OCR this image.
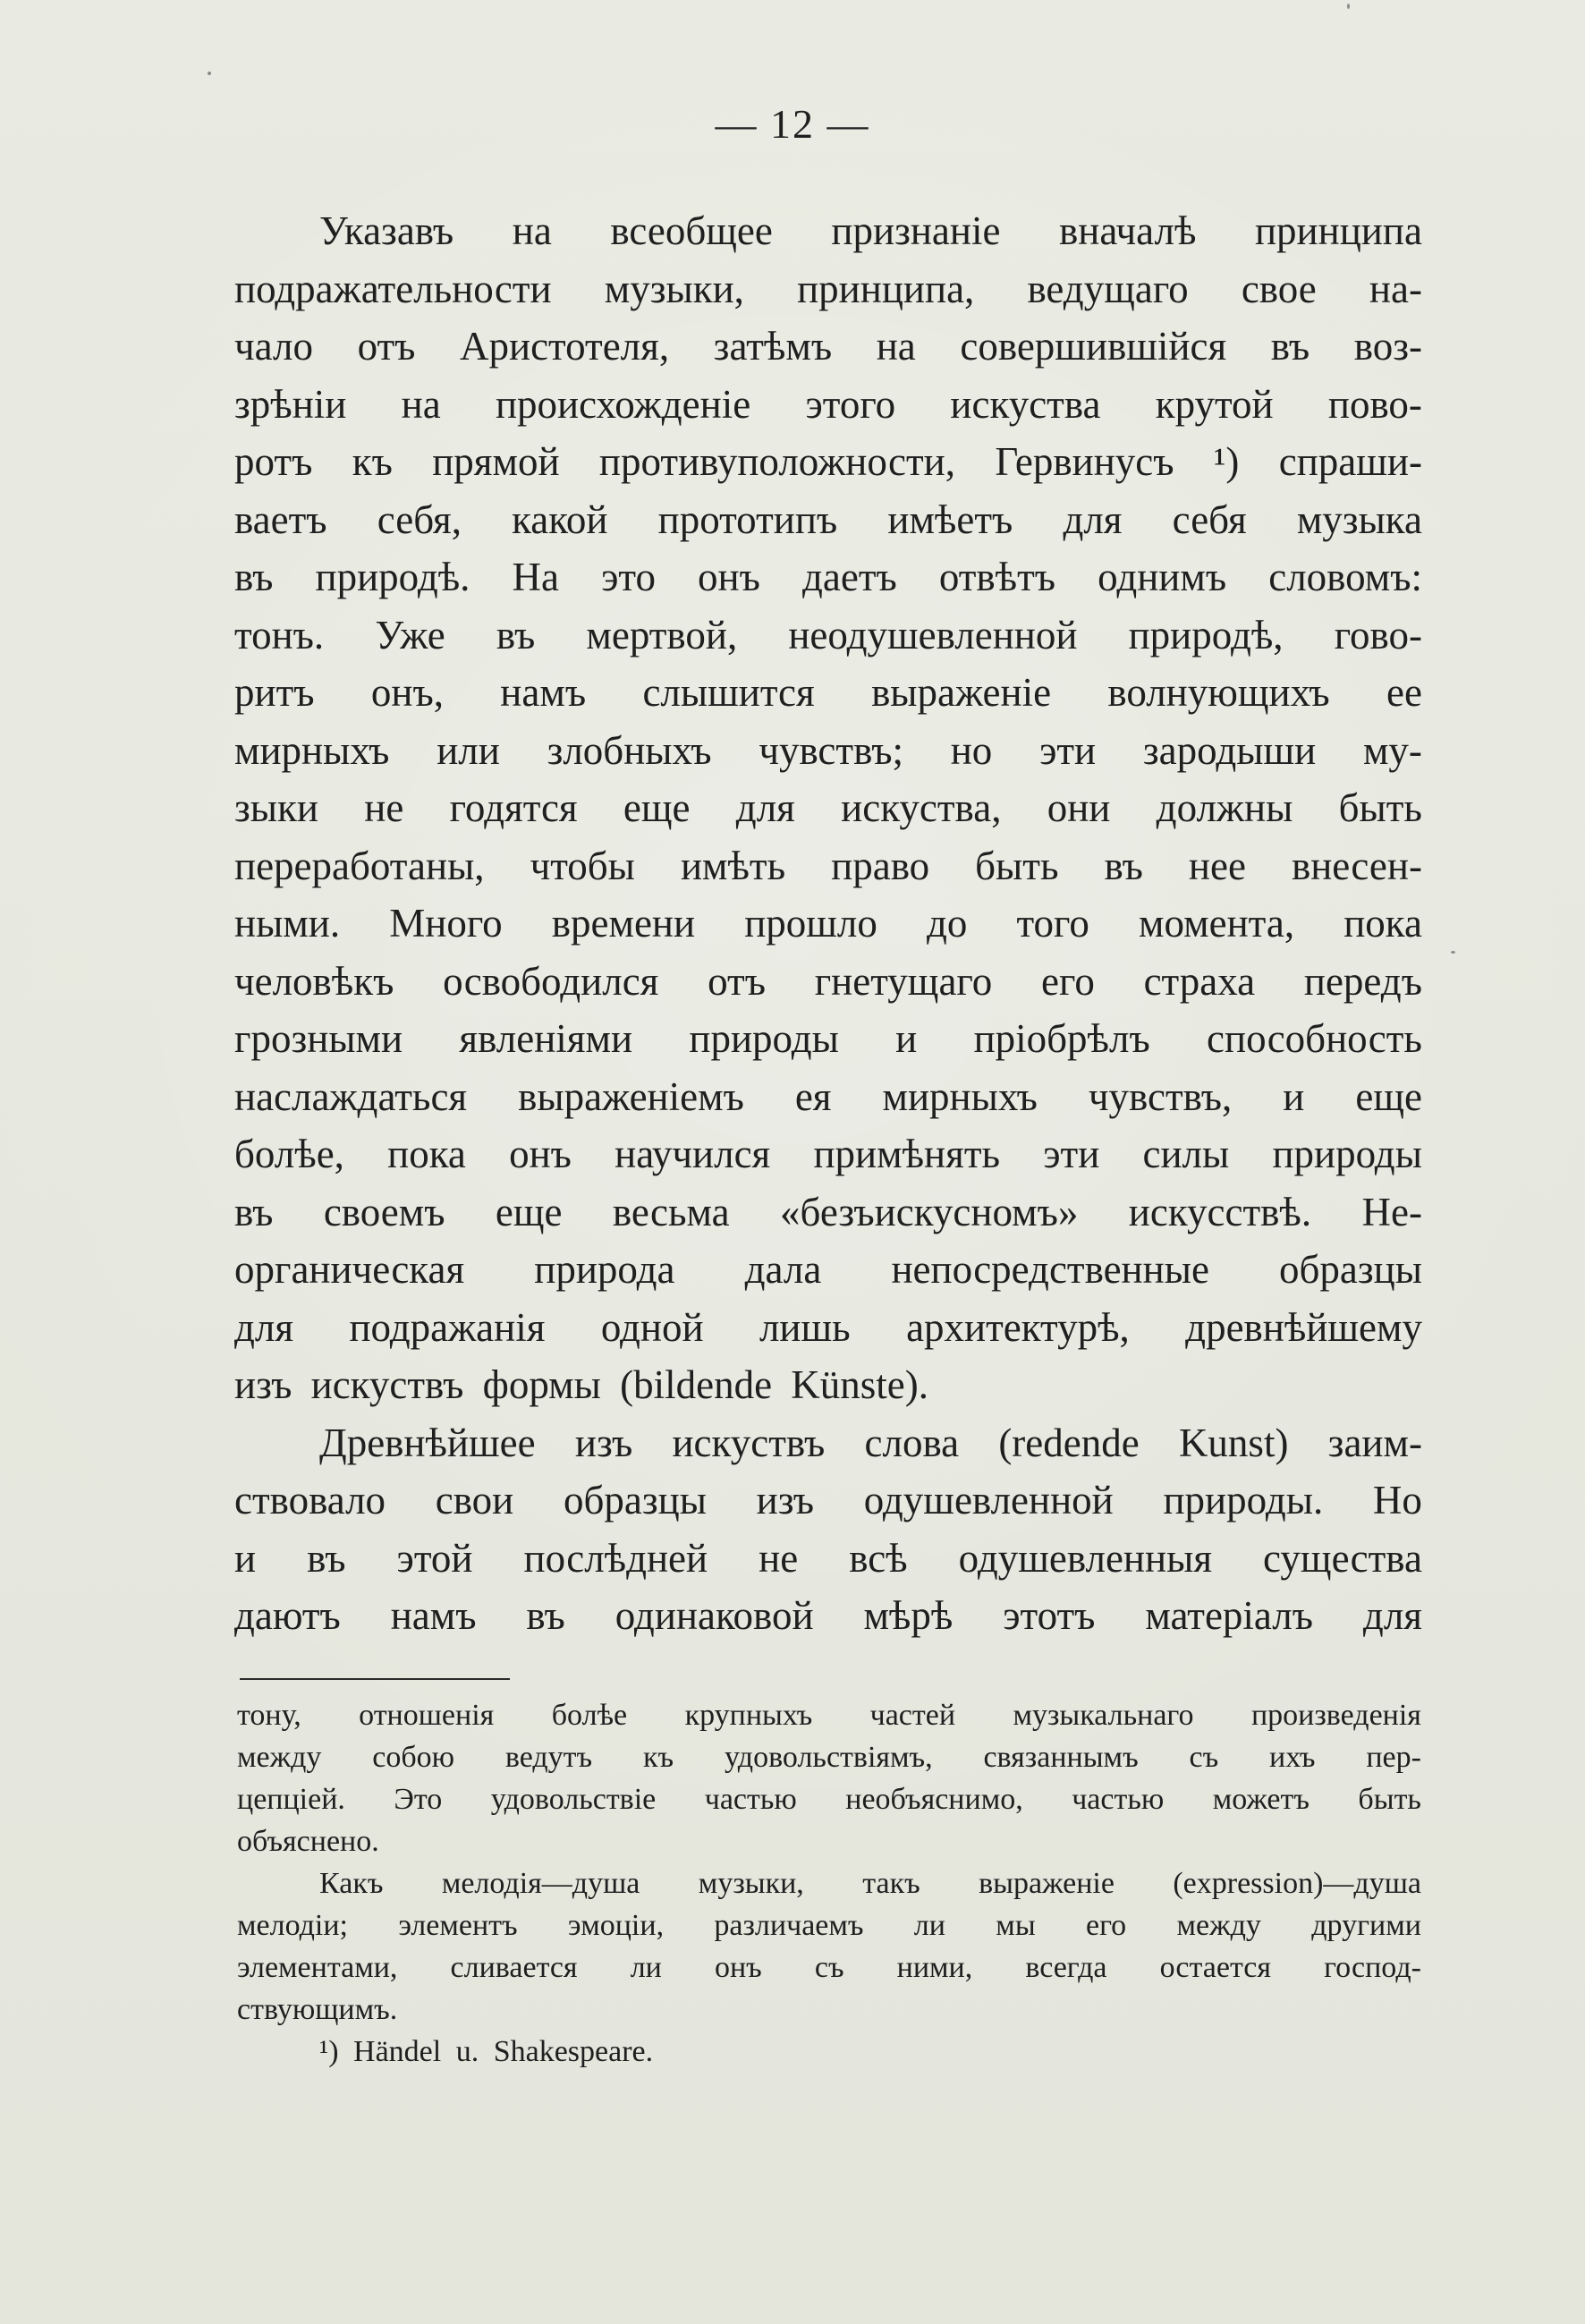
— 12 —
Указавъ на всеобщее признаніе вначалѣ принципа
подражательности музыки, принципа, ведущаго свое на-
чало отъ Аристотеля, затѣмъ на совершившійся въ воз-
зрѣніи на происхожденіе этого искуства крутой пово-
ротъ къ прямой противуположности, Гервинусъ ¹) спраши-
ваетъ себя, какой прототипъ имѣетъ для себя музыка
въ природѣ. На это онъ даетъ отвѣтъ однимъ словомъ:
тонъ. Уже въ мертвой, неодушевленной природѣ, гово-
ритъ онъ, намъ слышится выраженіе волнующихъ ее
мирныхъ или злобныхъ чувствъ; но эти зародыши му-
зыки не годятся еще для искуства, они должны быть
переработаны, чтобы имѣть право быть въ нее внесен-
ными. Много времени прошло до того момента, пока
человѣкъ освободился отъ гнетущаго его страха передъ
грозными явленіями природы и пріобрѣлъ способность
наслаждаться выраженіемъ ея мирныхъ чувствъ, и еще
болѣе, пока онъ научился примѣнять эти силы природы
въ своемъ еще весьма «безъискусномъ» искусствѣ. Не-
органическая природа дала непосредственные образцы
для подражанія одной лишь архитектурѣ, древнѣйшему
изъ искуствъ формы (bildende Künste).
Древнѣйшее изъ искуствъ слова (redende Kunst) заим-
ствовало свои образцы изъ одушевленной природы. Но
и въ этой послѣдней не всѣ одушевленныя существа
даютъ намъ въ одинаковой мѣрѣ этотъ матеріалъ для
тону, отношенія болѣе крупныхъ частей музыкальнаго произведенія
между собою ведутъ къ удовольствіямъ, связаннымъ съ ихъ пер-
цепціей. Это удовольствіе частью необъяснимо, частью можетъ быть
объяснено.
Какъ мелодія—душа музыки, такъ выраженіе (expression)—душа
мелодіи; элементъ эмоціи, различаемъ ли мы его между другими
элементами, сливается ли онъ съ ними, всегда остается господ-
ствующимъ.
¹) Händel u. Shakespeare.
